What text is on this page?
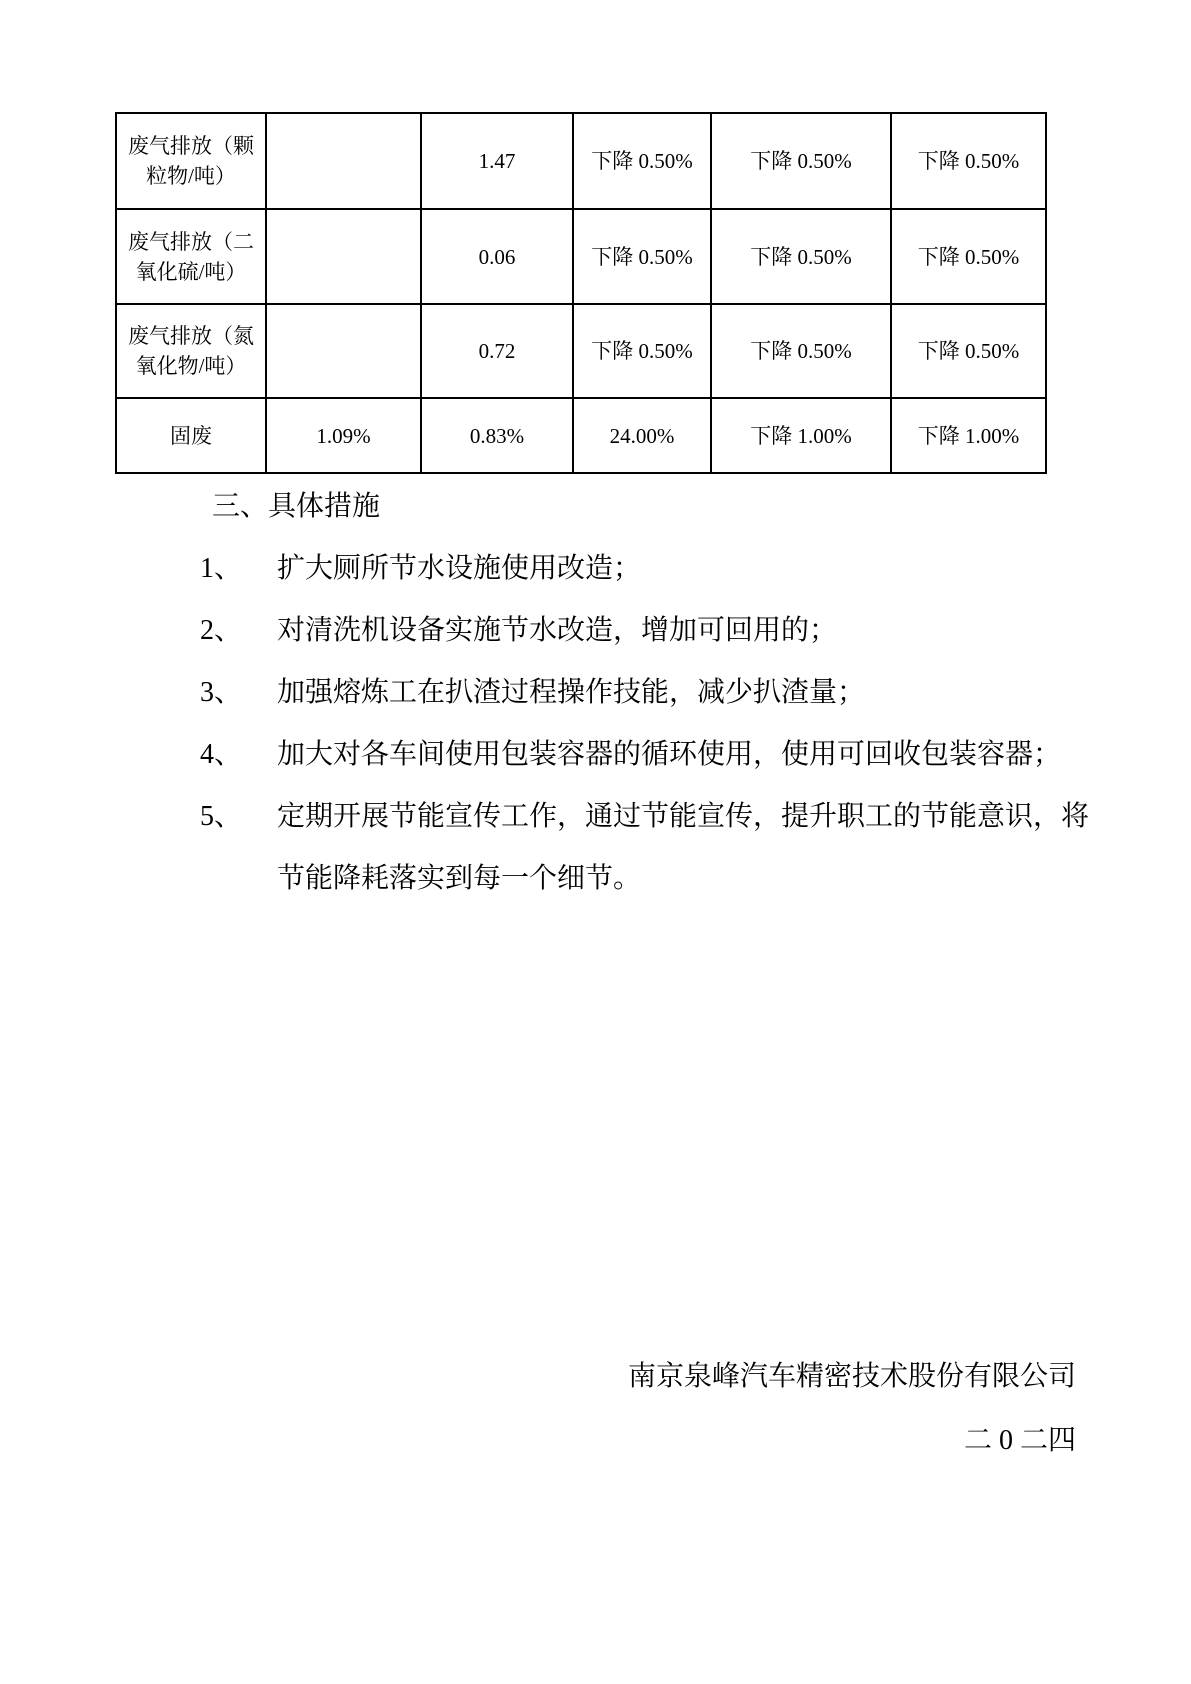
废气排放（颗粒物/吨）		1.47	下降 0.50%	下降 0.50%	下降 0.50%
废气排放（二氧化硫/吨）		0.06	下降 0.50%	下降 0.50%	下降 0.50%
废气排放（氮氧化物/吨）		0.72	下降 0.50%	下降 0.50%	下降 0.50%
固废	1.09%	0.83%	24.00%	下降 1.00%	下降 1.00%
三、具体措施
1、 扩大厕所节水设施使用改造；
2、 对清洗机设备实施节水改造，增加可回用的；
3、 加强熔炼工在扒渣过程操作技能，减少扒渣量；
4、 加大对各车间使用包装容器的循环使用，使用可回收包装容器；
5、 定期开展节能宣传工作，通过节能宣传，提升职工的节能意识，将节能降耗落实到每一个细节。
南京泉峰汽车精密技术股份有限公司
二 0 二四
